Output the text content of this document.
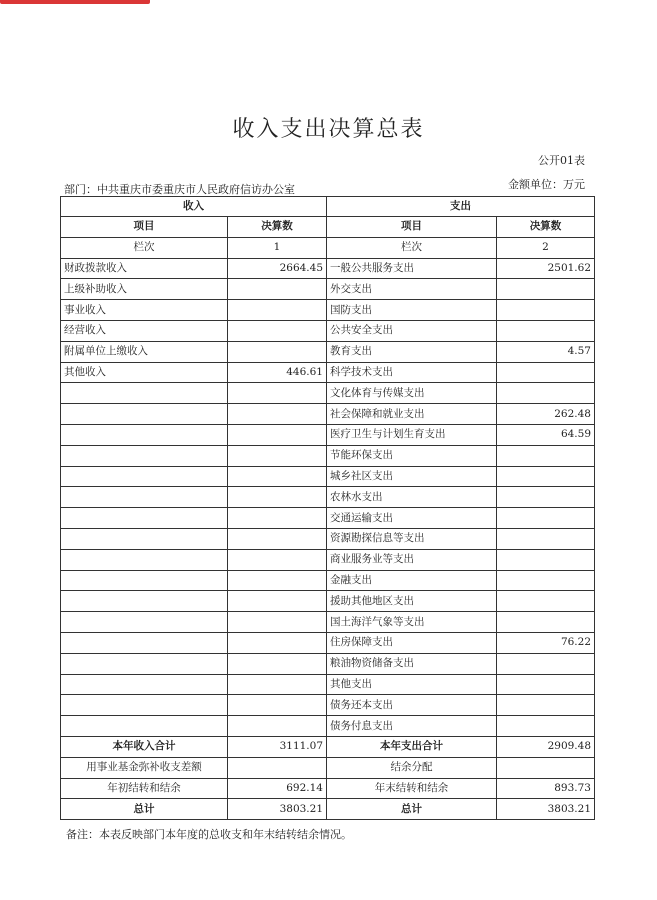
收入支出决算总表
公开01表
部门：中共重庆市委重庆市人民政府信访办公室	金额单位：万元
收入		支出	
项目	决算数	项目	决算数
栏次	1	栏次	2
财政拨款收入	2664.45	一般公共服务支出	2501.62
上级补助收入		外交支出	
事业收入		国防支出	
经营收入		公共安全支出	
附属单位上缴收入		教育支出	4.57
其他收入	446.61	科学技术支出	
		文化体育与传媒支出	
		社会保障和就业支出	262.48
		医疗卫生与计划生育支出	64.59
		节能环保支出	
		城乡社区支出	
		农林水支出	
		交通运输支出	
		资源勘探信息等支出	
		商业服务业等支出	
		金融支出	
		援助其他地区支出	
		国土海洋气象等支出	
		住房保障支出	76.22
		粮油物资储备支出	
		其他支出	
		债务还本支出	
		债务付息支出	
本年收入合计	3111.07	本年支出合计	2909.48
用事业基金弥补收支差额		结余分配	
年初结转和结余	692.14	年末结转和结余	893.73
总计	3803.21	总计	3803.21
备注：本表反映部门本年度的总收支和年末结转结余情况。
